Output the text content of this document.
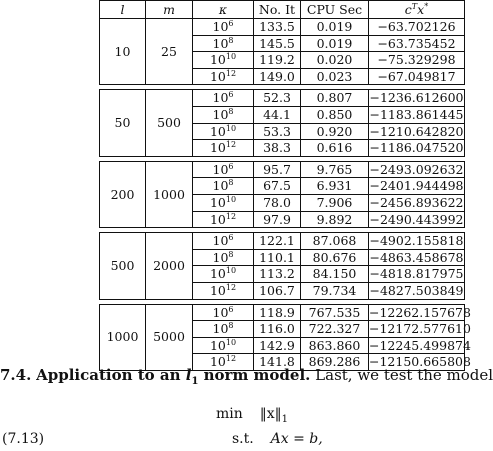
l	m	κ	No. It	CPU Sec	$c^Tx^*$
10	25	$10^6$	133.5	0.019	−63.702126
		$10^8$	145.5	0.019	−63.735452
		$10^{10}$	119.2	0.020	−75.329298
		$10^{12}$	149.0	0.023	−67.049817

50	500	$10^6$	52.3	0.807	−1236.612600
		$10^8$	44.1	0.850	−1183.861445
		$10^{10}$	53.3	0.920	−1210.642820
		$10^{12}$	38.3	0.616	−1186.047520

200	1000	$10^6$	95.7	9.765	−2493.092632
		$10^8$	67.5	6.931	−2401.944498
		$10^{10}$	78.0	7.906	−2456.893622
		$10^{12}$	97.9	9.892	−2490.443992

500	2000	$10^6$	122.1	87.068	−4902.155818
		$10^8$	110.1	80.676	−4863.458678
		$10^{10}$	113.2	84.150	−4818.817975
		$10^{12}$	106.7	79.734	−4827.503849

1000	5000	$10^6$	118.9	767.535	−12262.157678
		$10^8$	116.0	722.327	−12172.577610
		$10^{10}$	142.9	863.860	−12245.499874
		$10^{12}$	141.8	869.286	−12150.665808
7.4. Application to an $l_1$ norm model. Last, we test the model
$\min ‖x‖_1$
(7.13)	s.t. Ax = b,
